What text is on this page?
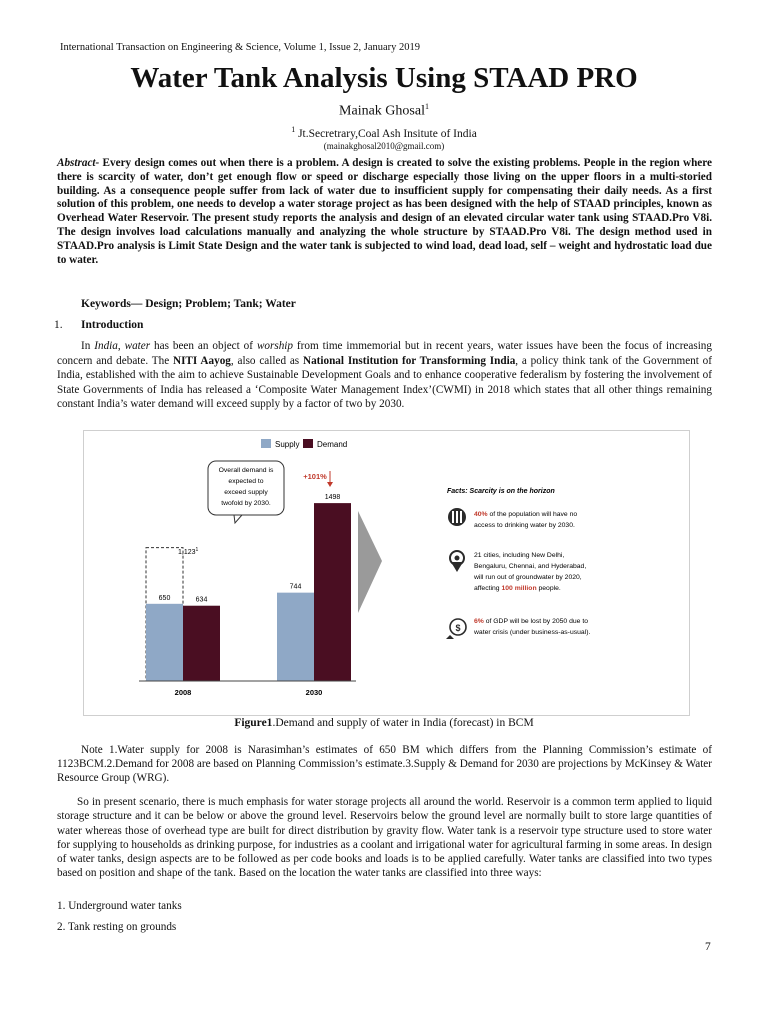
International Transaction on Engineering & Science, Volume 1, Issue 2, January 2019
Water Tank Analysis Using STAAD PRO
Mainak Ghosal$^1$
$^1$ Jt.Secretrary,Coal Ash Insitute of India
(mainakghosal2010@gmail.com)
Abstract- Every design comes out when there is a problem. A design is created to solve the existing problems. People in the region where there is scarcity of water, don’t get enough flow or speed or discharge especially those living on the upper floors in a multi-storied building. As a consequence people suffer from lack of water due to insufficient supply for compensating their daily needs. As a first solution of this problem, one needs to develop a water storage project as has been designed with the help of STAAD principles, known as Overhead Water Reservoir. The present study reports the analysis and design of an elevated circular water tank using STAAD.Pro V8i. The design involves load calculations manually and analyzing the whole structure by STAAD.Pro V8i. The design method used in STAAD.Pro analysis is Limit State Design and the water tank is subjected to wind load, dead load, self – weight and hydrostatic load due to water.
Keywords— Design; Problem; Tank; Water
1. Introduction
In India, water has been an object of worship from time immemorial but in recent years, water issues have been the focus of increasing concern and debate. The NITI Aayog, also called as National Institution for Transforming India, a policy think tank of the Government of India, established with the aim to achieve Sustainable Development Goals and to enhance cooperative federalism by fostering the involvement of State Governments of India has released a ‘Composite Water Management Index’(CWMI) in 2018 which states that all other things remaining constant India’s water demand will exceed supply by a factor of two by 2030.
Supply Demand
Overall demand is
expected to
exceed supply
twofold by 2030.
+101%
1,123$^1$
Facts: Scarcity is on the horizon
40% of the population will have no
access to drinking water by 2030.
21 cities, including New Delhi,
Bengaluru, Chennai, and Hyderabad,
will run out of groundwater by 2020,
affecting 100 million people.
$
6% of GDP will be lost by 2050 due to
water crisis (under business-as-usual).
650	634
2008
744
1498
2030
Figure1.Demand and supply of water in India (forecast) in BCM
Note 1.Water supply for 2008 is Narasimhan’s estimates of 650 BM which differs from the Planning Commission’s estimate of 1123BCM.2.Demand for 2008 are based on Planning Commission’s estimate.3.Supply & Demand for 2030 are projections by McKinsey & Water Resource Group (WRG).
So in present scenario, there is much emphasis for water storage projects all around the world. Reservoir is a common term applied to liquid storage structure and it can be below or above the ground level. Reservoirs below the ground level are normally built to store large quantities of water whereas those of overhead type are built for direct distribution by gravity flow. Water tank is a reservoir type structure used to store water for supplying to households as drinking purpose, for industries as a coolant and irrigational water for agricultural farming in some areas. In design of water tanks, design aspects are to be followed as per code books and loads is to be applied carefully. Water tanks are classified into two types based on position and shape of the tank. Based on the location the water tanks are classified into three ways:
1. Underground water tanks
2. Tank resting on grounds
7
